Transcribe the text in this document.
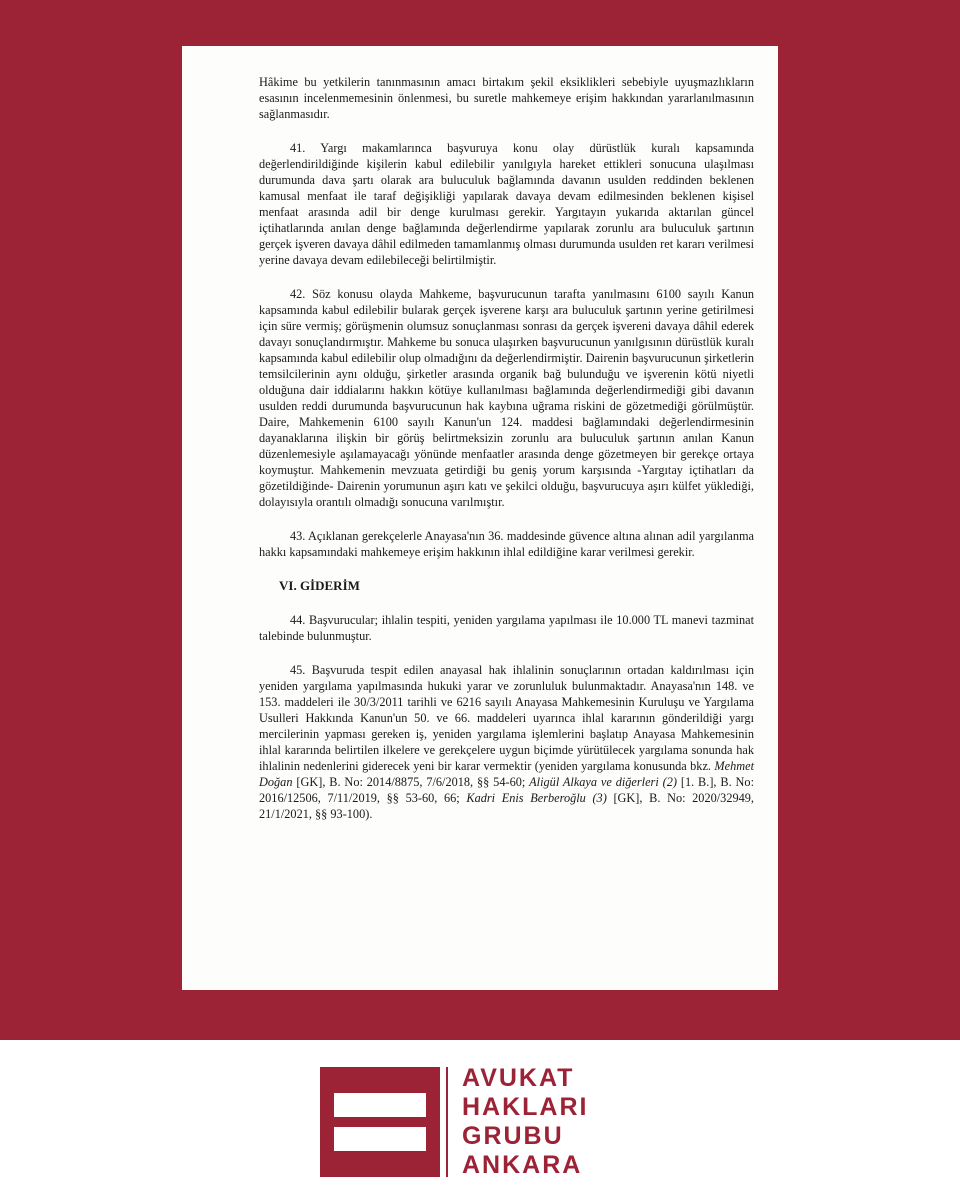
Hâkime bu yetkilerin tanınmasının amacı birtakım şekil eksiklikleri sebebiyle uyuşmazlıkların esasının incelenmemesinin önlenmesi, bu suretle mahkemeye erişim hakkından yararlanılmasının sağlanmasıdır.

41. Yargı makamlarınca başvuruya konu olay dürüstlük kuralı kapsamında değerlendirildiğinde kişilerin kabul edilebilir yanılgıyla hareket ettikleri sonucuna ulaşılması durumunda dava şartı olarak ara buluculuk bağlamında davanın usulden reddinden beklenen kamusal menfaat ile taraf değişikliği yapılarak davaya devam edilmesinden beklenen kişisel menfaat arasında adil bir denge kurulması gerekir. Yargıtayın yukarıda aktarılan güncel içtihatlarında anılan denge bağlamında değerlendirme yapılarak zorunlu ara buluculuk şartının gerçek işveren davaya dâhil edilmeden tamamlanmış olması durumunda usulden ret kararı verilmesi yerine davaya devam edilebileceği belirtilmiştir.

42. Söz konusu olayda Mahkeme, başvurucunun tarafta yanılmasını 6100 sayılı Kanun kapsamında kabul edilebilir bularak gerçek işverene karşı ara buluculuk şartının yerine getirilmesi için süre vermiş; görüşmenin olumsuz sonuçlanması sonrası da gerçek işvereni davaya dâhil ederek davayı sonuçlandırmıştır. Mahkeme bu sonuca ulaşırken başvurucunun yanılgısının dürüstlük kuralı kapsamında kabul edilebilir olup olmadığını da değerlendirmiştir. Dairenin başvurucunun şirketlerin temsilcilerinin aynı olduğu, şirketler arasında organik bağ bulunduğu ve işverenin kötü niyetli olduğuna dair iddialarını hakkın kötüye kullanılması bağlamında değerlendirmediği gibi davanın usulden reddi durumunda başvurucunun hak kaybına uğrama riskini de gözetmediği görülmüştür. Daire, Mahkemenin 6100 sayılı Kanun'un 124. maddesi bağlamındaki değerlendirmesinin dayanaklarına ilişkin bir görüş belirtmeksizin zorunlu ara buluculuk şartının anılan Kanun düzenlemesiyle aşılamayacağı yönünde menfaatler arasında denge gözetmeyen bir gerekçe ortaya koymuştur. Mahkemenin mevzuata getirdiği bu geniş yorum karşısında -Yargıtay içtihatları da gözetildiğinde- Dairenin yorumunun aşırı katı ve şekilci olduğu, başvurucuya aşırı külfet yüklediği, dolayısıyla orantılı olmadığı sonucuna varılmıştır.

43. Açıklanan gerekçelerle Anayasa'nın 36. maddesinde güvence altına alınan adil yargılanma hakkı kapsamındaki mahkemeye erişim hakkının ihlal edildiğine karar verilmesi gerekir.

VI. GİDERİM

44. Başvurucular; ihlalin tespiti, yeniden yargılama yapılması ile 10.000 TL manevi tazminat talebinde bulunmuştur.

45. Başvuruda tespit edilen anayasal hak ihlalinin sonuçlarının ortadan kaldırılması için yeniden yargılama yapılmasında hukuki yarar ve zorunluluk bulunmaktadır. Anayasa'nın 148. ve 153. maddeleri ile 30/3/2011 tarihli ve 6216 sayılı Anayasa Mahkemesinin Kuruluşu ve Yargılama Usulleri Hakkında Kanun'un 50. ve 66. maddeleri uyarınca ihlal kararının gönderildiği yargı mercilerinin yapması gereken iş, yeniden yargılama işlemlerini başlatıp Anayasa Mahkemesinin ihlal kararında belirtilen ilkelere ve gerekçelere uygun biçimde yürütülecek yargılama sonunda hak ihlalinin nedenlerini giderecek yeni bir karar vermektir (yeniden yargılama konusunda bkz. Mehmet Doğan [GK], B. No: 2014/8875, 7/6/2018, §§ 54-60; Aligül Alkaya ve diğerleri (2) [1. B.], B. No: 2016/12506, 7/11/2019, §§ 53-60, 66; Kadri Enis Berberoğlu (3) [GK], B. No: 2020/32949, 21/1/2021, §§ 93-100).

AVUKAT
HAKLARI
GRUBU
ANKARA
